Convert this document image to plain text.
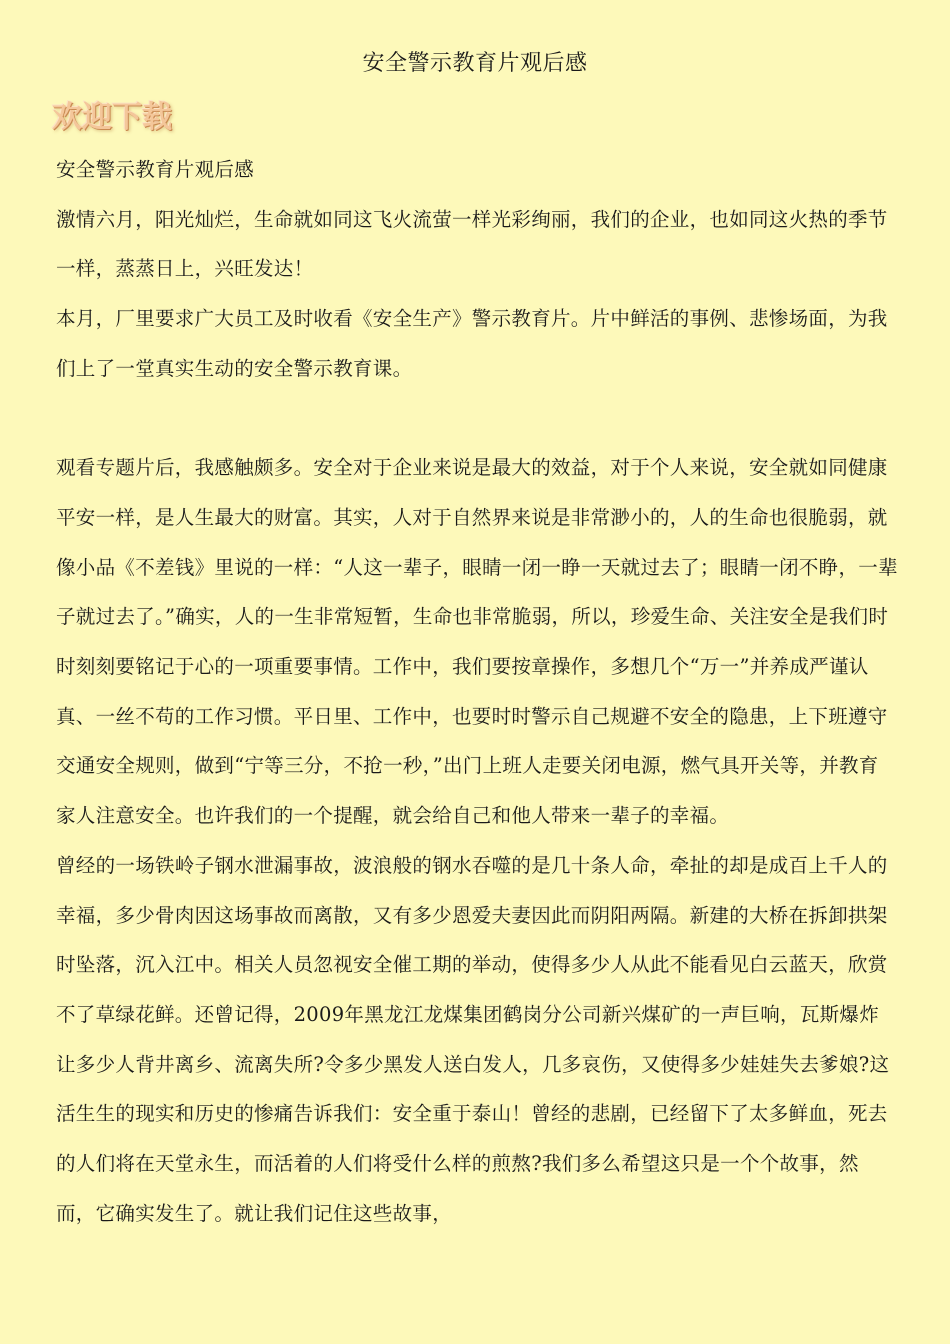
安全警示教育片观后感
欢迎下载

安全警示教育片观后感

激情六月，阳光灿烂，生命就如同这飞火流萤一样光彩绚丽，我们的企业，也如同这火热的季节一样，蒸蒸日上，兴旺发达！

本月，厂里要求广大员工及时收看《安全生产》警示教育片。片中鲜活的事例、悲惨场面，为我们上了一堂真实生动的安全警示教育课。

观看专题片后，我感触颇多。安全对于企业来说是最大的效益，对于个人来说，安全就如同健康平安一样，是人生最大的财富。其实，人对于自然界来说是非常渺小的，人的生命也很脆弱，就像小品《不差钱》里说的一样：“人这一辈子，眼睛一闭一睁一天就过去了；眼睛一闭不睁，一辈子就过去了。”确实，人的一生非常短暂，生命也非常脆弱，所以，珍爱生命、关注安全是我们时时刻刻要铭记于心的一项重要事情。工作中，我们要按章操作，多想几个“万一”并养成严谨认真、一丝不苟的工作习惯。平日里、工作中，也要时时警示自己规避不安全的隐患，上下班遵守交通安全规则，做到“宁等三分，不抢一秒，”出门上班人走要关闭电源，燃气具开关等，并教育家人注意安全。也许我们的一个提醒，就会给自己和他人带来一辈子的幸福。

曾经的一场铁岭子钢水泄漏事故，波浪般的钢水吞噬的是几十条人命，牵扯的却是成百上千人的幸福，多少骨肉因这场事故而离散，又有多少恩爱夫妻因此而阴阳两隔。新建的大桥在拆卸拱架时坠落，沉入江中。相关人员忽视安全催工期的举动，使得多少人从此不能看见白云蓝天，欣赏不了草绿花鲜。还曾记得，2009年黑龙江龙煤集团鹤岗分公司新兴煤矿的一声巨响，瓦斯爆炸让多少人背井离乡、流离失所?令多少黑发人送白发人，几多哀伤，又使得多少娃娃失去爹娘?这活生生的现实和历史的惨痛告诉我们：安全重于泰山！曾经的悲剧，已经留下了太多鲜血，死去的人们将在天堂永生，而活着的人们将受什么样的煎熬?我们多么希望这只是一个个故事，然而，它确实发生了。就让我们记住这些故事，
